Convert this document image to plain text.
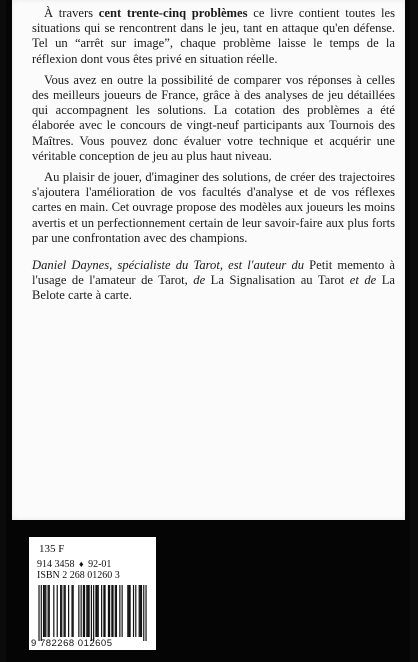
À travers cent trente-cinq problèmes ce livre contient toutes les situations qui se rencontrent dans le jeu, tant en attaque qu'en défense. Tel un “arrêt sur image”, chaque problème laisse le temps de la réflexion dont vous êtes privé en situation réelle.

Vous avez en outre la possibilité de comparer vos réponses à celles des meilleurs joueurs de France, grâce à des analyses de jeu détaillées qui accompagnent les solutions. La cotation des problèmes a été élaborée avec le concours de vingt-neuf participants aux Tournois des Maîtres. Vous pouvez donc évaluer votre technique et acquérir une véritable conception de jeu au plus haut niveau.

Au plaisir de jouer, d'imaginer des solutions, de créer des trajectoires s'ajoutera l'amélioration de vos facultés d'analyse et de vos réflexes cartes en main. Cet ouvrage propose des modèles aux joueurs les moins avertis et un perfectionnement certain de leur savoir-faire aux plus forts par une confrontation avec des champions.

Daniel Daynes, spécialiste du Tarot, est l'auteur du Petit memento à l'usage de l'amateur de Tarot, de La Signalisation au Tarot et de La Belote carte à carte.

135 F
914 3458 ♦ 92-01
ISBN 2 268 01260 3
9 782268 012605
